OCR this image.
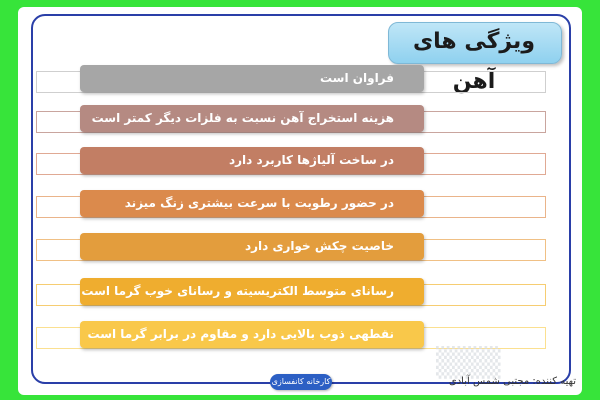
ویژگی های آهن
فراوان است
هزینه استخراج آهن نسبت به فلزات دیگر کمتر است
در ساخت آلیاژها کاربرد دارد
در حضور رطوبت با سرعت بیشتری زنگ میزند
خاصیت چکش خواری دارد
رسانای متوسط الکتریسیته و رسانای خوب گرما است
نقطهی ذوب بالایی دارد و مقاوم در برابر گرما است
▒▒▒
کارخانه کانفسازی	تهیه کننده: مجتبی شمس آبادی
